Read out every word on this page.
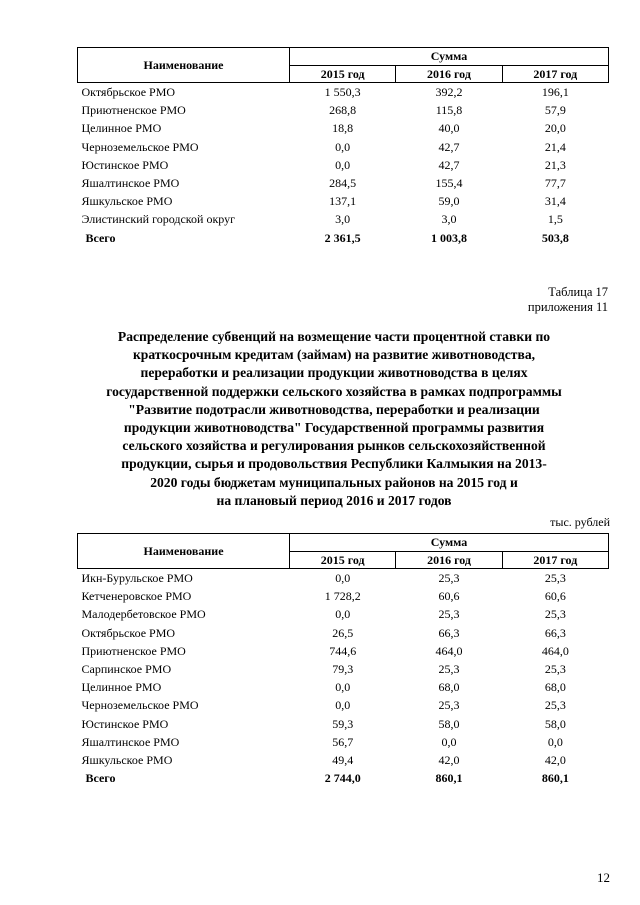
Наименование	Сумма		
	2015 год	2016 год	2017 год
Октябрьское РМО	1 550,3	392,2	196,1
Приютненское РМО	268,8	115,8	57,9
Целинное РМО	18,8	40,0	20,0
Черноземельское РМО	0,0	42,7	21,4
Юстинское РМО	0,0	42,7	21,3
Яшалтинское РМО	284,5	155,4	77,7
Яшкульское РМО	137,1	59,0	31,4
Элистинский городской округ	3,0	3,0	1,5
Всего	2 361,5	1 003,8	503,8
Таблица 17
приложения 11
Распределение субвенций на возмещение части процентной ставки по
краткосрочным кредитам (займам) на развитие животноводства,
переработки и реализации продукции животноводства в целях
государственной поддержки сельского хозяйства в рамках подпрограммы
"Развитие подотрасли животноводства, переработки и реализации
продукции животноводства" Государственной программы развития
сельского хозяйства и регулирования рынков сельскохозяйственной
продукции, сырья и продовольствия Республики Калмыкия на 2013-
2020 годы бюджетам муниципальных районов на 2015 год и
на плановый период 2016 и 2017 годов
тыс. рублей
Наименование	Сумма		
	2015 год	2016 год	2017 год
Икн-Бурульское РМО	0,0	25,3	25,3
Кетченеровское РМО	1 728,2	60,6	60,6
Малодербетовское РМО	0,0	25,3	25,3
Октябрьское РМО	26,5	66,3	66,3
Приютненское РМО	744,6	464,0	464,0
Сарпинское РМО	79,3	25,3	25,3
Целинное РМО	0,0	68,0	68,0
Черноземельское РМО	0,0	25,3	25,3
Юстинское РМО	59,3	58,0	58,0
Яшалтинское РМО	56,7	0,0	0,0
Яшкульское РМО	49,4	42,0	42,0
Всего	2 744,0	860,1	860,1
12
